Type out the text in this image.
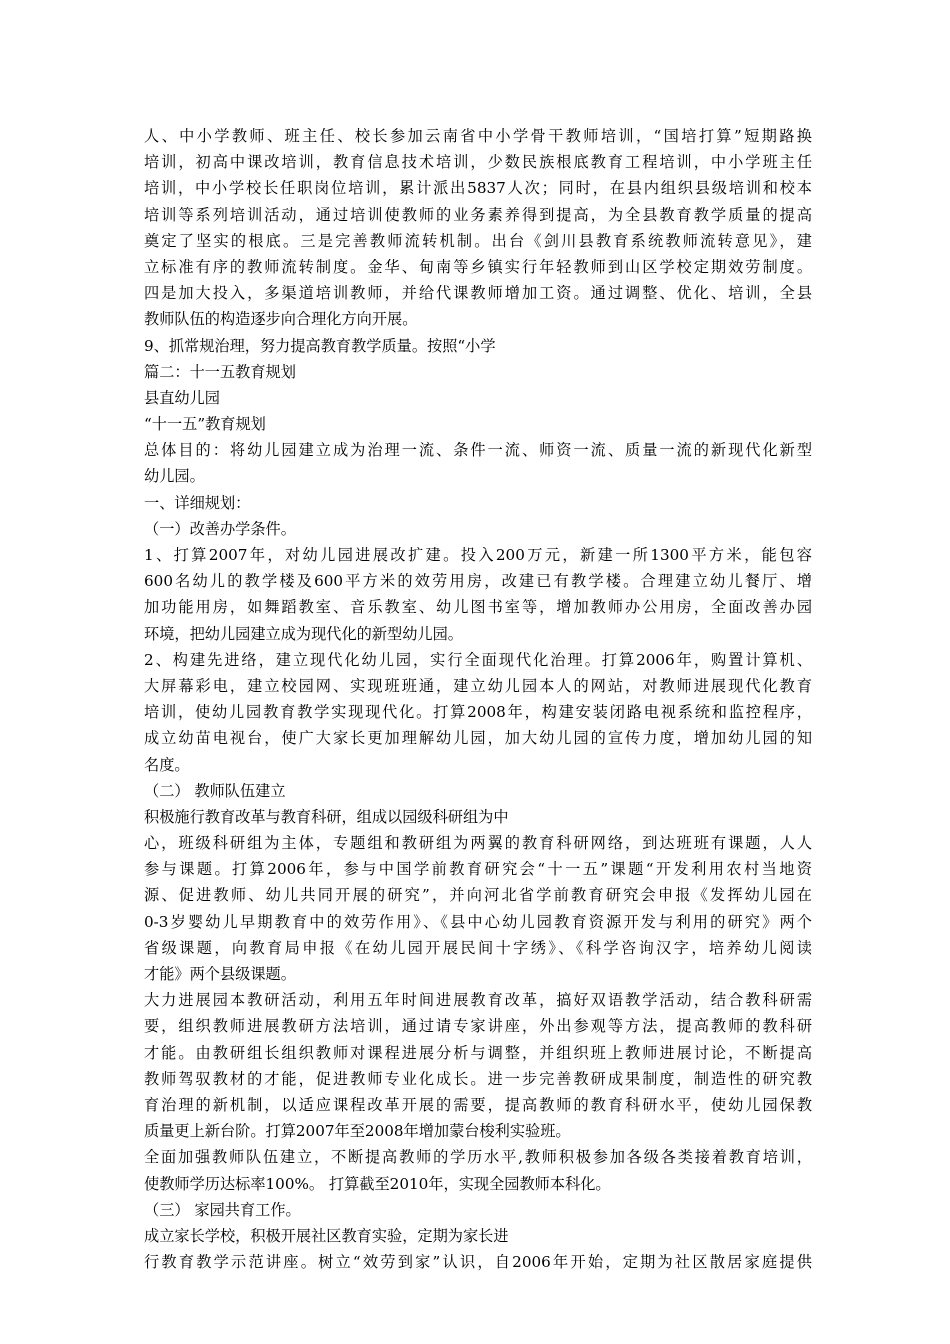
人、中小学教师、班主任、校长参加云南省中小学骨干教师培训，“国培打算”短期路换
培训，初高中课改培训，教育信息技术培训，少数民族根底教育工程培训，中小学班主任
培训，中小学校长任职岗位培训，累计派出5837人次；同时，在县内组织县级培训和校本
培训等系列培训活动，通过培训使教师的业务素养得到提高，为全县教育教学质量的提高
奠定了坚实的根底。三是完善教师流转机制。出台《剑川县教育系统教师流转意见》，建
立标准有序的教师流转制度。金华、甸南等乡镇实行年轻教师到山区学校定期效劳制度。
四是加大投入，多渠道培训教师，并给代课教师增加工资。通过调整、优化、培训，全县
教师队伍的构造逐步向合理化方向开展。
9、抓常规治理，努力提高教育教学质量。按照“小学
篇二：十一五教育规划
县直幼儿园
“十一五”教育规划
总体目的：将幼儿园建立成为治理一流、条件一流、师资一流、质量一流的新现代化新型
幼儿园。
一、详细规划：
（一）改善办学条件。
1、打算2007年，对幼儿园进展改扩建。投入200万元，新建一所1300平方米，能包容
600名幼儿的教学楼及600平方米的效劳用房，改建已有教学楼。合理建立幼儿餐厅、增
加功能用房，如舞蹈教室、音乐教室、幼儿图书室等，增加教师办公用房，全面改善办园
环境，把幼儿园建立成为现代化的新型幼儿园。
2、构建先进络，建立现代化幼儿园，实行全面现代化治理。打算2006年，购置计算机、
大屏幕彩电，建立校园网、实现班班通，建立幼儿园本人的网站，对教师进展现代化教育
培训，使幼儿园教育教学实现现代化。打算2008年，构建安装闭路电视系统和监控程序，
成立幼苗电视台，使广大家长更加理解幼儿园，加大幼儿园的宣传力度，增加幼儿园的知
名度。
（二） 教师队伍建立
积极施行教育改革与教育科研，组成以园级科研组为中
心，班级科研组为主体，专题组和教研组为两翼的教育科研网络，到达班班有课题，人人
参与课题。打算2006年，参与中国学前教育研究会“十一五”课题“开发利用农村当地资
源、促进教师、幼儿共同开展的研究”，并向河北省学前教育研究会申报《发挥幼儿园在
0-3岁婴幼儿早期教育中的效劳作用》、《县中心幼儿园教育资源开发与利用的研究》两个
省级课题，向教育局申报《在幼儿园开展民间十字绣》、《科学咨询汉字，培养幼儿阅读
才能》两个县级课题。
大力进展园本教研活动，利用五年时间进展教育改革，搞好双语教学活动，结合教科研需
要，组织教师进展教研方法培训，通过请专家讲座，外出参观等方法，提高教师的教科研
才能。由教研组长组织教师对课程进展分析与调整，并组织班上教师进展讨论，不断提高
教师驾驭教材的才能，促进教师专业化成长。进一步完善教研成果制度，制造性的研究教
育治理的新机制，以适应课程改革开展的需要，提高教师的教育科研水平，使幼儿园保教
质量更上新台阶。打算2007年至2008年增加蒙台梭利实验班。
全面加强教师队伍建立，不断提高教师的学历水平,教师积极参加各级各类接着教育培训，
使教师学历达标率100%。 打算截至2010年，实现全园教师本科化。
（三） 家园共育工作。
成立家长学校，积极开展社区教育实验，定期为家长进
行教育教学示范讲座。树立“效劳到家”认识，自2006年开始，定期为社区散居家庭提供
